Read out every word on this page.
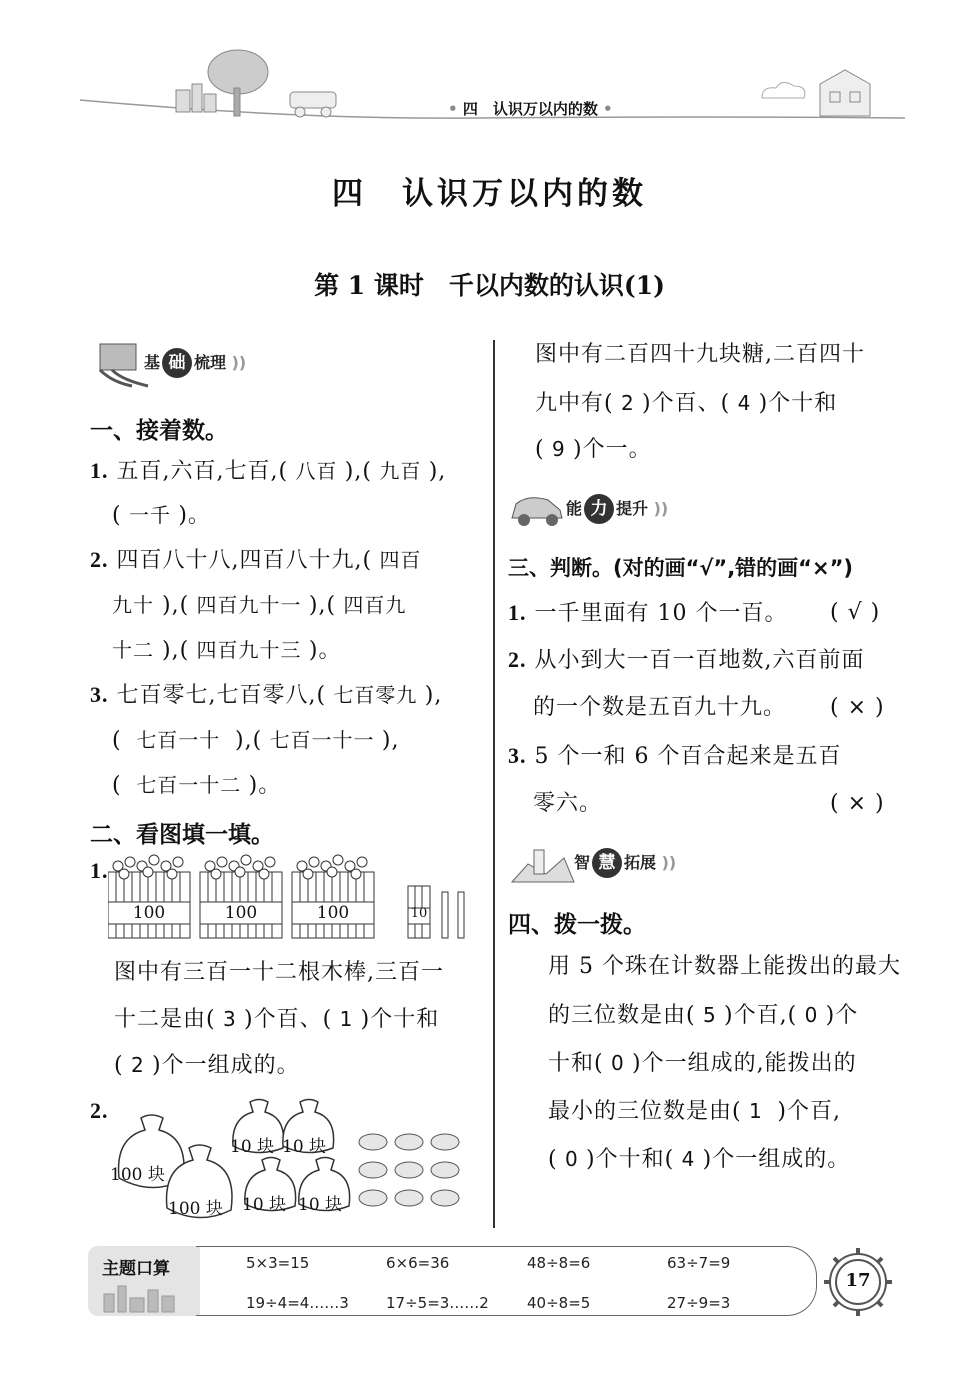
• 四　认识万以内的数 •
四　认识万以内的数
第 1 课时　千以内数的认识(1)
基 础 梳理 ))
一、接着数。
1. 五百,六百,七百,( 八百 ),( 九百 ),
( 一千 )。
2. 四百八十八,四百八十九,( 四百
九十 ),( 四百九十一 ),( 四百九
十二 ),( 四百九十三 )。
3. 七百零七,七百零八,( 七百零九 ),
( 七百一十 ),( 七百一十一 ),
( 七百一十二 )。
二、看图填一填。
1.
100	100	100	10
图中有三百一十二根木棒,三百一
十二是由( 3 )个百、( 1 )个十和
( 2 )个一组成的。
2.
100 块
100 块
10 块 10 块
10 块 10 块
图中有二百四十九块糖,二百四十
九中有( 2 )个百、( 4 )个十和
( 9 )个一。
能 力 提升 ))
三、判断。(对的画“√”,错的画“×”)
1. 一千里面有 10 个一百。 ( √ )
2. 从小到大一百一百地数,六百前面
的一个数是五百九十九。 ( × )
3. 5 个一和 6 个百合起来是五百
零六。	( × )
智 慧 拓展 ))
四、拨一拨。
用 5 个珠在计数器上能拨出的最大
的三位数是由( 5 )个百,( 0 )个
十和( 0 )个一组成的,能拨出的
最小的三位数是由( 1 )个百,
( 0 )个十和( 4 )个一组成的。
主题口算	5×3=15	6×6=36	48÷8=6	63÷7=9
19÷4=4……3 17÷5=3……2	40÷8=5	27÷9=3
17
